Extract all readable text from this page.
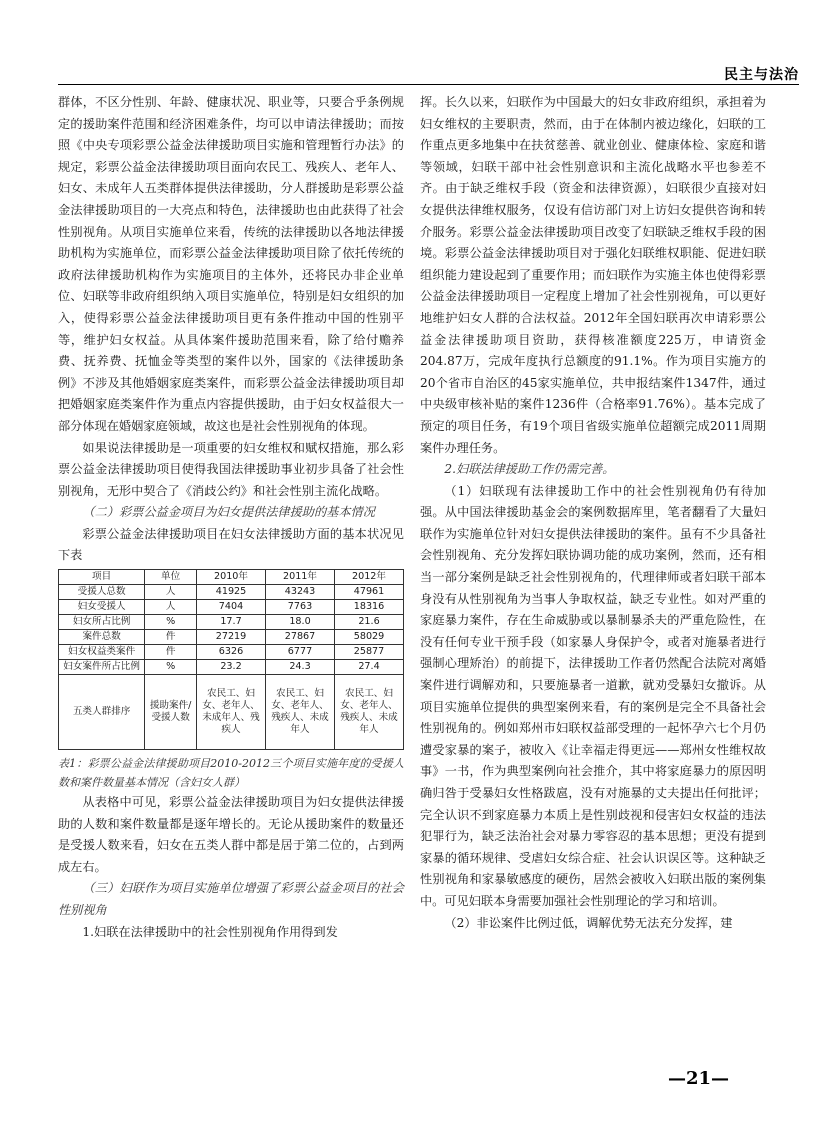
民主与法治

群体，不区分性别、年龄、健康状况、职业等，只要合乎条例规定的援助案件范围和经济困难条件，均可以申请法律援助；而按照《中央专项彩票公益金法律援助项目实施和管理暂行办法》的规定，彩票公益金法律援助项目面向农民工、残疾人、老年人、妇女、未成年人五类群体提供法律援助，分人群援助是彩票公益金法律援助项目的一大亮点和特色，法律援助也由此获得了社会性别视角。从项目实施单位来看，传统的法律援助以各地法律援助机构为实施单位，而彩票公益金法律援助项目除了依托传统的政府法律援助机构作为实施项目的主体外，还将民办非企业单位、妇联等非政府组织纳入项目实施单位，特别是妇女组织的加入，使得彩票公益金法律援助项目更有条件推动中国的性别平等，维护妇女权益。从具体案件援助范围来看，除了给付赡养费、抚养费、抚恤金等类型的案件以外，国家的《法律援助条例》不涉及其他婚姻家庭类案件，而彩票公益金法律援助项目却把婚姻家庭类案件作为重点内容提供援助，由于妇女权益很大一部分体现在婚姻家庭领域，故这也是社会性别视角的体现。

如果说法律援助是一项重要的妇女维权和赋权措施，那么彩票公益金法律援助项目使得我国法律援助事业初步具备了社会性别视角，无形中契合了《消歧公约》和社会性别主流化战略。

（二）彩票公益金项目为妇女提供法律援助的基本情况

彩票公益金法律援助项目在妇女法律援助方面的基本状况见下表

项目	单位	2010年	2011年	2012年
受援人总数	人	41925	43243	47961
妇女受援人	人	7404	7763	18316
妇女所占比例	%	17.7	18.0	21.6
案件总数	件	27219	27867	58029
妇女权益类案件	件	6326	6777	25877
妇女案件所占比例	%	23.2	24.3	27.4
五类人群排序	援助案件/受援人数	农民工、妇女、老年人、未成年人、残疾人	农民工、妇女、老年人、残疾人、未成年人	农民工、妇女、老年人、残疾人、未成年人

表1：彩票公益金法律援助项目2010-2012三个项目实施年度的受援人数和案件数量基本情况（含妇女人群）

从表格中可见，彩票公益金法律援助项目为妇女提供法律援助的人数和案件数量都是逐年增长的。无论从援助案件的数量还是受援人数来看，妇女在五类人群中都是居于第二位的，占到两成左右。

（三）妇联作为项目实施单位增强了彩票公益金项目的社会性别视角

1.妇联在法律援助中的社会性别视角作用得到发

挥。长久以来，妇联作为中国最大的妇女非政府组织，承担着为妇女维权的主要职责，然而，由于在体制内被边缘化，妇联的工作重点更多地集中在扶贫慈善、就业创业、健康体检、家庭和谐等领域，妇联干部中社会性别意识和主流化战略水平也参差不齐。由于缺乏维权手段（资金和法律资源），妇联很少直接对妇女提供法律维权服务，仅设有信访部门对上访妇女提供咨询和转介服务。彩票公益金法律援助项目改变了妇联缺乏维权手段的困境。彩票公益金法律援助项目对于强化妇联维权职能、促进妇联组织能力建设起到了重要作用；而妇联作为实施主体也使得彩票公益金法律援助项目一定程度上增加了社会性别视角，可以更好地维护妇女人群的合法权益。2012年全国妇联再次申请彩票公益金法律援助项目资助，获得核准额度225万，申请资金204.87万，完成年度执行总额度的91.1%。作为项目实施方的20个省市自治区的45家实施单位，共申报结案件1347件，通过中央级审核补贴的案件1236件（合格率91.76%）。基本完成了预定的项目任务，有19个项目省级实施单位超额完成2011周期案件办理任务。

2.妇联法律援助工作仍需完善。

（1）妇联现有法律援助工作中的社会性别视角仍有待加强。从中国法律援助基金会的案例数据库里，笔者翻看了大量妇联作为实施单位针对妇女提供法律援助的案件。虽有不少具备社会性别视角、充分发挥妇联协调功能的成功案例，然而，还有相当一部分案例是缺乏社会性别视角的，代理律师或者妇联干部本身没有从性别视角为当事人争取权益，缺乏专业性。如对严重的家庭暴力案件，存在生命威胁或以暴制暴杀夫的严重危险性，在没有任何专业干预手段（如家暴人身保护令，或者对施暴者进行强制心理矫治）的前提下，法律援助工作者仍然配合法院对离婚案件进行调解劝和，只要施暴者一道歉，就劝受暴妇女撤诉。从项目实施单位提供的典型案例来看，有的案例是完全不具备社会性别视角的。例如郑州市妇联权益部受理的一起怀孕六七个月仍遭受家暴的案子，被收入《让幸福走得更远——郑州女性维权故事》一书，作为典型案例向社会推介，其中将家庭暴力的原因明确归咎于受暴妇女性格跋扈，没有对施暴的丈夫提出任何批评；完全认识不到家庭暴力本质上是性别歧视和侵害妇女权益的违法犯罪行为，缺乏法治社会对暴力零容忍的基本思想；更没有提到家暴的循环规律、受虐妇女综合症、社会认识误区等。这种缺乏性别视角和家暴敏感度的硬伤，居然会被收入妇联出版的案例集中。可见妇联本身需要加强社会性别理论的学习和培训。

（2）非讼案件比例过低，调解优势无法充分发挥，建

—21—
